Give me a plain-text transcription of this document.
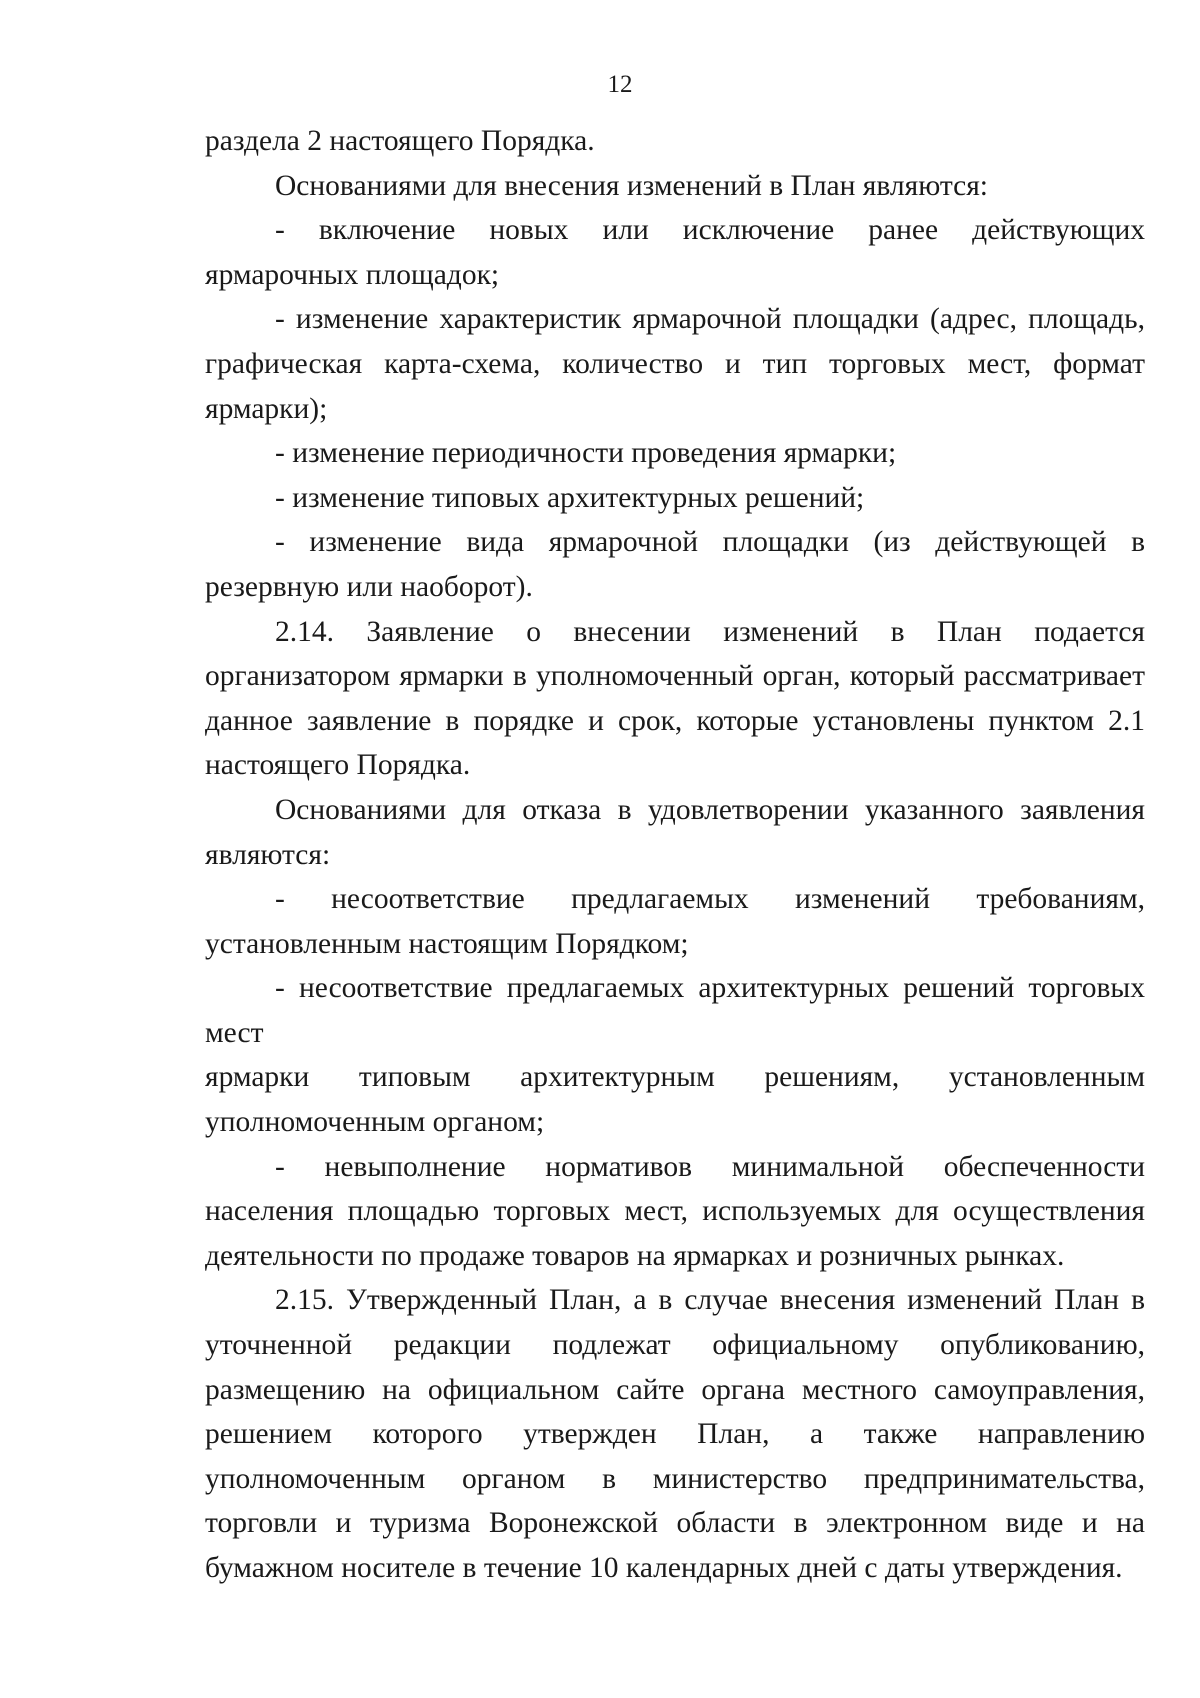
12

раздела 2 настоящего Порядка.

Основаниями для внесения изменений в План являются:

- включение новых или исключение ранее действующих ярмарочных площадок;

- изменение характеристик ярмарочной площадки (адрес, площадь, графическая карта-схема, количество и тип торговых мест, формат ярмарки);

- изменение периодичности проведения ярмарки;

- изменение типовых архитектурных решений;

- изменение вида ярмарочной площадки (из действующей в резервную или наоборот).

2.14. Заявление о внесении изменений в План подается организатором ярмарки в уполномоченный орган, который рассматривает данное заявление в порядке и срок, которые установлены пунктом 2.1 настоящего Порядка.

Основаниями для отказа в удовлетворении указанного заявления являются:

- несоответствие предлагаемых изменений требованиям,

установленным настоящим Порядком;

- несоответствие предлагаемых архитектурных решений торговых мест

ярмарки типовым архитектурным решениям, установленным

уполномоченным органом;

- невыполнение нормативов минимальной обеспеченности населения площадью торговых мест, используемых для осуществления деятельности по продаже товаров на ярмарках и розничных рынках.

2.15. Утвержденный План, а в случае внесения изменений План в уточненной редакции подлежат официальному опубликованию, размещению на официальном сайте органа местного самоуправления, решением которого утвержден План, а также направлению уполномоченным органом в министерство предпринимательства, торговли и туризма Воронежской области в электронном виде и на бумажном носителе в течение 10 календарных дней с даты утверждения.
